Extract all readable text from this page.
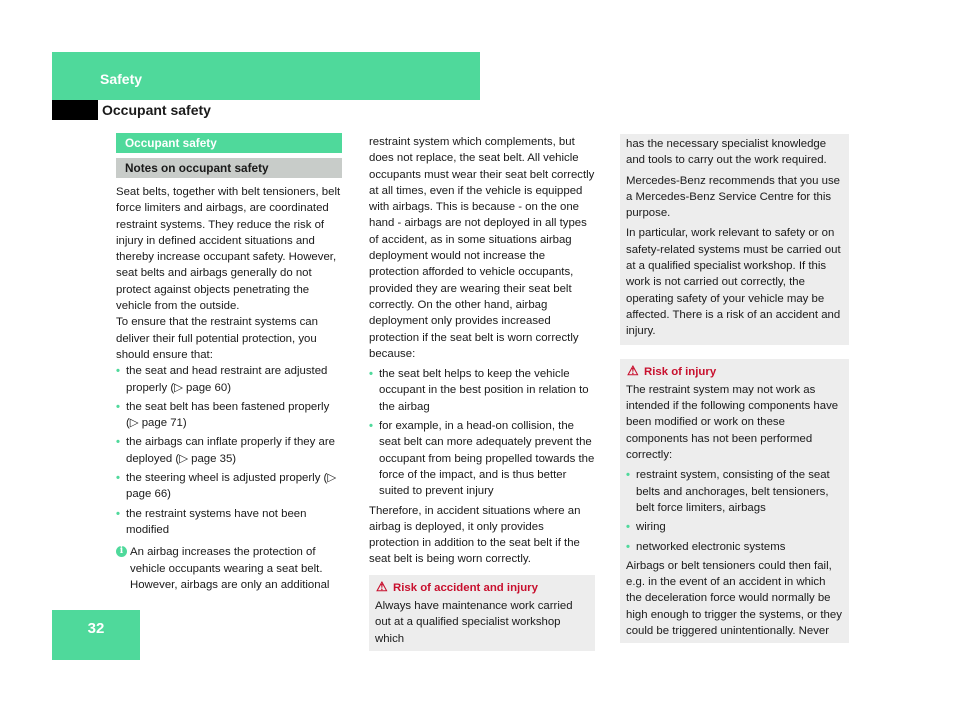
Safety
Occupant safety
32
Occupant safety
Notes on occupant safety

Seat belts, together with belt tensioners, belt force limiters and airbags, are coordinated restraint systems. They reduce the risk of injury in defined accident situations and thereby increase occupant safety. However, seat belts and airbags generally do not protect against objects penetrating the vehicle from the outside.

To ensure that the restraint systems can deliver their full potential protection, you should ensure that:

• the seat and head restraint are adjusted properly (▷ page 60)
• the seat belt has been fastened properly (▷ page 71)
• the airbags can inflate properly if they are deployed (▷ page 35)
• the steering wheel is adjusted properly (▷ page 66)
• the restraint systems have not been modified
i An airbag increases the protection of vehicle occupants wearing a seat belt. However, airbags are only an additional

restraint system which complements, but does not replace, the seat belt. All vehicle occupants must wear their seat belt correctly at all times, even if the vehicle is equipped with airbags. This is because - on the one hand - airbags are not deployed in all types of accident, as in some situations airbag deployment would not increase the protection afforded to vehicle occupants, provided they are wearing their seat belt correctly. On the other hand, airbag deployment only provides increased protection if the seat belt is worn correctly because:

• the seat belt helps to keep the vehicle occupant in the best position in relation to the airbag
• for example, in a head-on collision, the seat belt can more adequately prevent the occupant from being propelled towards the force of the impact, and is thus better suited to prevent injury

Therefore, in accident situations where an airbag is deployed, it only provides protection in addition to the seat belt if the seat belt is being worn correctly.

⚠ Risk of accident and injury
Always have maintenance work carried out at a qualified specialist workshop which

has the necessary specialist knowledge and tools to carry out the work required.

Mercedes-Benz recommends that you use a Mercedes-Benz Service Centre for this purpose.

In particular, work relevant to safety or on safety-related systems must be carried out at a qualified specialist workshop. If this work is not carried out correctly, the operating safety of your vehicle may be affected. There is a risk of an accident and injury.

⚠ Risk of injury

The restraint system may not work as intended if the following components have been modified or work on these components has not been performed correctly:

• restraint system, consisting of the seat belts and anchorages, belt tensioners, belt force limiters, airbags
• wiring
• networked electronic systems

Airbags or belt tensioners could then fail, e.g. in the event of an accident in which the deceleration force would normally be high enough to trigger the systems, or they could be triggered unintentionally. Never
